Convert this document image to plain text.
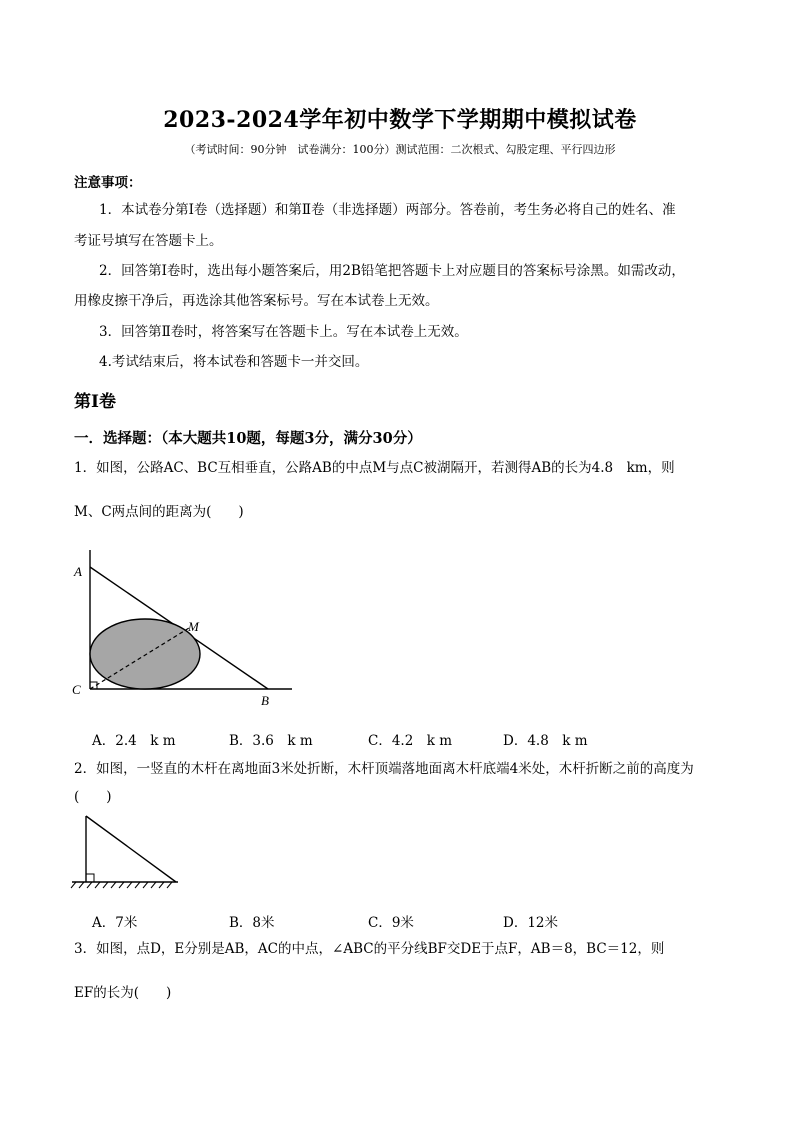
2023-2024学年初中数学下学期期中模拟试卷
（考试时间：90分钟　试卷满分：100分）测试范围：二次根式、勾股定理、平行四边形
注意事项：
1．本试卷分第Ⅰ卷（选择题）和第Ⅱ卷（非选择题）两部分。答卷前，考生务必将自己的姓名、准
考证号填写在答题卡上。
2．回答第Ⅰ卷时，选出每小题答案后，用2B铅笔把答题卡上对应题目的答案标号涂黑。如需改动，
用橡皮擦干净后，再选涂其他答案标号。写在本试卷上无效。
3．回答第Ⅱ卷时，将答案写在答题卡上。写在本试卷上无效。
4.考试结束后，将本试卷和答题卡一并交回。
第Ⅰ卷
一．选择题：（本大题共10题，每题3分，满分30分）
1．如图，公路AC、BC互相垂直，公路AB的中点M与点C被湖隔开，若测得AB的长为4.8　km，则
M、C两点间的距离为(　　)
A
M
C
B
A．2.4　k m	B．3.6　k m	C．4.2　k m	D．4.8　k m
2．如图，一竖直的木杆在离地面3米处折断，木杆顶端落地面离木杆底端4米处，木杆折断之前的高度为
(　　)
A．7米	B．8米	C．9米	D．12米
3．如图，点D，E分别是AB，AC的中点，∠ABC的平分线BF交DE于点F，AB＝8，BC＝12，则
EF的长为(　　)
